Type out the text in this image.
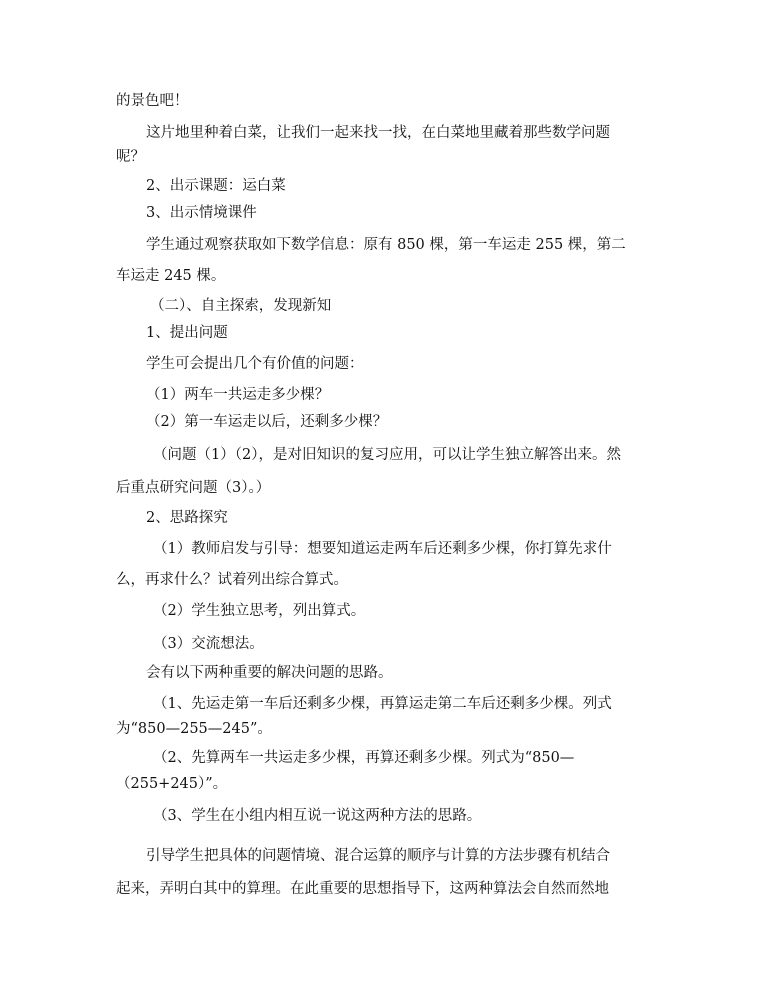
的景色吧！

这片地里种着白菜，让我们一起来找一找，在白菜地里藏着那些数学问题

呢？

2、出示课题：运白菜

3、出示情境课件

学生通过观察获取如下数学信息：原有 850 棵，第一车运走 255 棵，第二

车运走 245 棵。

（二）、自主探索，发现新知

1、提出问题

学生可会提出几个有价值的问题：

（1）两车一共运走多少棵？

（2）第一车运走以后，还剩多少棵？

（问题（1）（2），是对旧知识的复习应用，可以让学生独立解答出来。然

后重点研究问题（3）。）

2、思路探究

（1）教师启发与引导：想要知道运走两车后还剩多少棵，你打算先求什

么，再求什么？试着列出综合算式。

（2）学生独立思考，列出算式。

（3）交流想法。

会有以下两种重要的解决问题的思路。

（1、先运走第一车后还剩多少棵，再算运走第二车后还剩多少棵。列式

为“850—255—245”。

（2、先算两车一共运走多少棵，再算还剩多少棵。列式为“850—

（255+245）”。

（3、学生在小组内相互说一说这两种方法的思路。

引导学生把具体的问题情境、混合运算的顺序与计算的方法步骤有机结合

起来，弄明白其中的算理。在此重要的思想指导下，这两种算法会自然而然地
